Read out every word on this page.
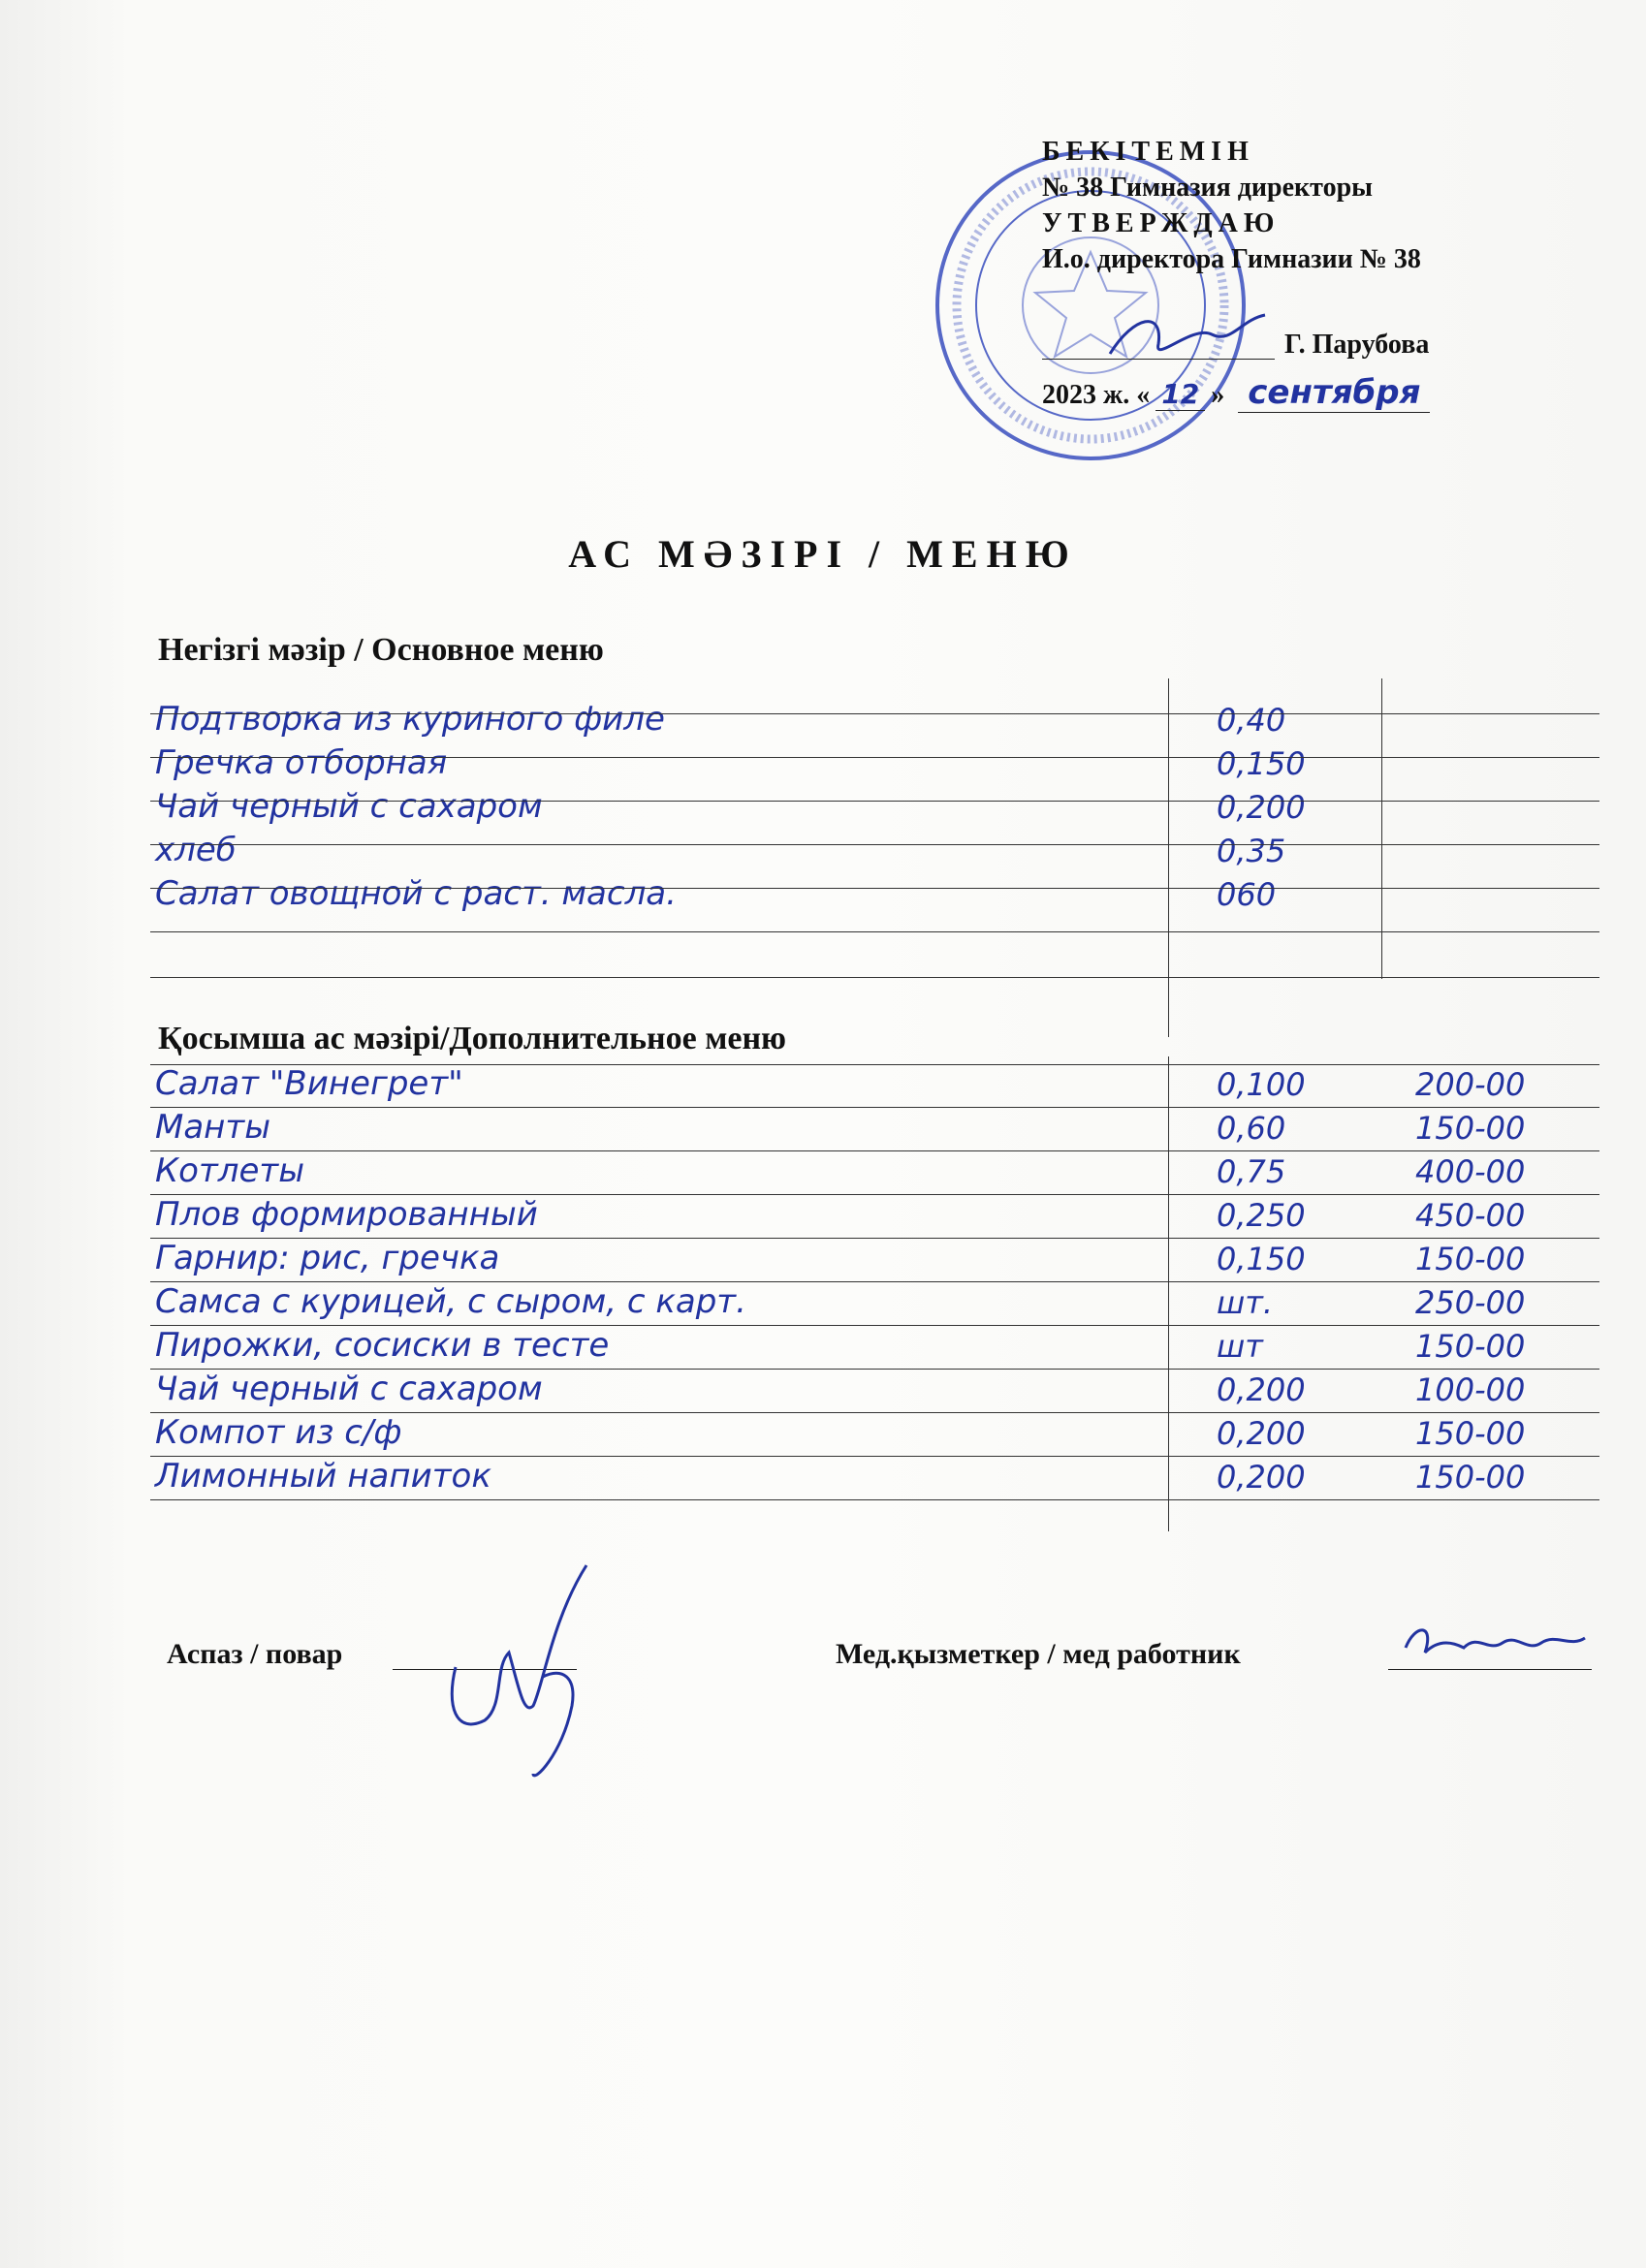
БЕКІТЕМІН
№ 38 Гимназия директоры
УТВЕРЖДАЮ
И.о. директора Гимназии № 38
Г. Парубова
2023 ж. « 12 » сентября
АС МӘЗІРІ / МЕНЮ
Негізгі мәзір / Основное меню
Подтворка из куриного филе	0,40
Гречка отборная	0,150
Чай черный с сахаром	0,200
хлеб	0,35
Салат овощной с раст. масла.	060
Қосымша ас мәзірі/Дополнительное меню
Салат "Винегрет"	0,100	200-00
Манты	0,60	150-00
Котлеты	0,75	400-00
Плов формированный	0,250	450-00
Гарнир: рис, гречка	0,150	150-00
Самса с курицей, с сыром, с карт.	шт.	250-00
Пирожки, сосиски в тесте	шт	150-00
Чай черный с сахаром	0,200	100-00
Компот из с/ф	0,200	150-00
Лимонный напиток	0,200	150-00
Аспаз / повар	Мед.қызметкер / мед работник
